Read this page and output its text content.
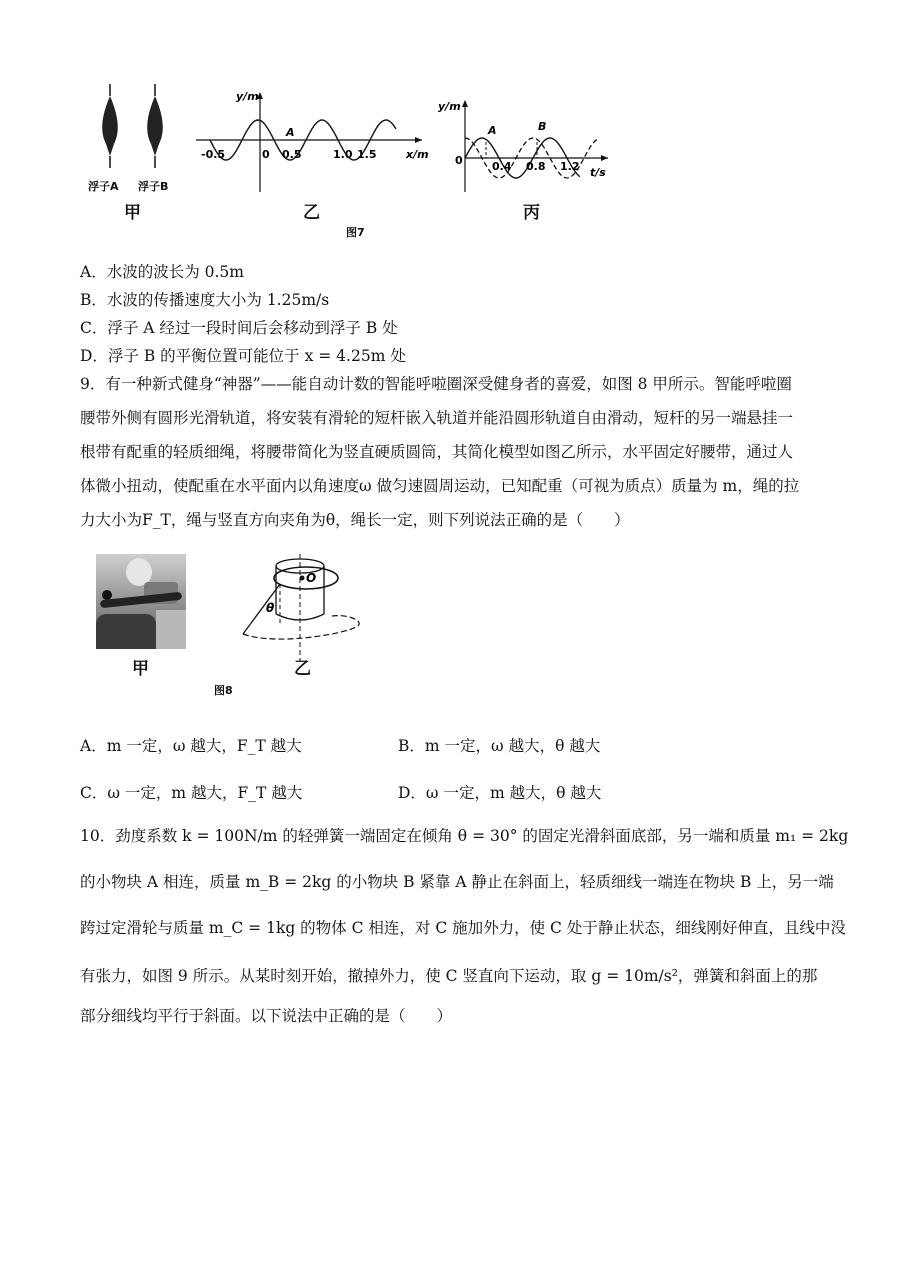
浮子A 浮子B
甲
y/m
x/m
-0.5	0 0.5	1.0 1.5
A
乙
y/m
t/s
0	0.4 0.8 1.2
A	B
丙
图7
A．水波的波长为 0.5m
B．水波的传播速度大小为 1.25m/s
C．浮子 A 经过一段时间后会移动到浮子 B 处
D．浮子 B 的平衡位置可能位于 x = 4.25m 处
9．有一种新式健身“神器”——能自动计数的智能呼啦圈深受健身者的喜爱，如图 8 甲所示。智能呼啦圈
腰带外侧有圆形光滑轨道，将安装有滑轮的短杆嵌入轨道并能沿圆形轨道自由滑动，短杆的另一端悬挂一
根带有配重的轻质细绳，将腰带简化为竖直硬质圆筒，其简化模型如图乙所示，水平固定好腰带，通过人
体微小扭动，使配重在水平面内以角速度ω 做匀速圆周运动，已知配重（可视为质点）质量为 m，绳的拉
力大小为F_T，绳与竖直方向夹角为θ，绳长一定，则下列说法正确的是（　　）
甲
O
θ
乙
图8
A．m 一定，ω 越大，F_T 越大	B．m 一定，ω 越大，θ 越大
C．ω 一定，m 越大，F_T 越大	D．ω 一定，m 越大，θ 越大
10．劲度系数 k = 100N/m 的轻弹簧一端固定在倾角 θ = 30° 的固定光滑斜面底部，另一端和质量 m₁ = 2kg
的小物块 A 相连，质量 m_B = 2kg 的小物块 B 紧靠 A 静止在斜面上，轻质细线一端连在物块 B 上，另一端
跨过定滑轮与质量 m_C = 1kg 的物体 C 相连，对 C 施加外力，使 C 处于静止状态，细线刚好伸直，且线中没
有张力，如图 9 所示。从某时刻开始，撤掉外力，使 C 竖直向下运动，取 g = 10m/s²，弹簧和斜面上的那
部分细线均平行于斜面。以下说法中正确的是（　　）
